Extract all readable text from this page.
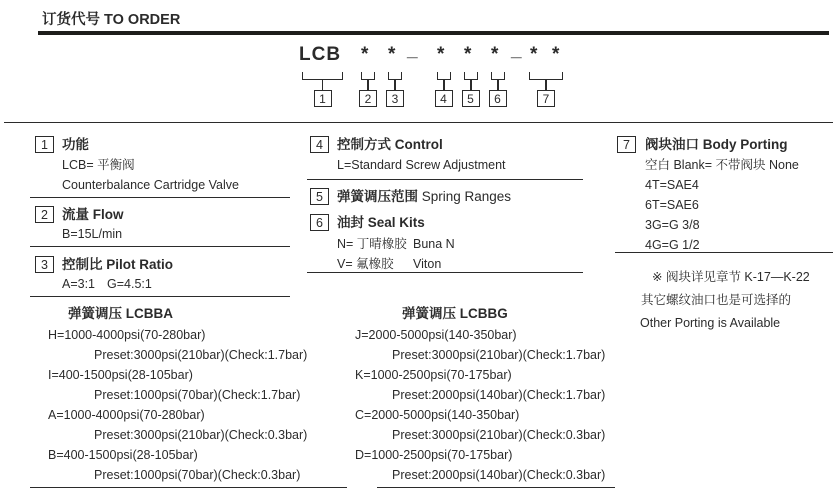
订货代号 TO ORDER
LCB * * _ * * * _ * *
1	2	3	4	5	6	7
1	功能
LCB= 平衡阀
Counterbalance Cartridge Valve
2	流量 Flow
B=15L/min
3	控制比 Pilot Ratio
A=3:1 G=4.5:1
4	控制方式 Control
L=Standard Screw Adjustment
5	弹簧调压范围 Spring Ranges
6	油封 Seal Kits
N= 丁晴橡胶 Buna N
V= 氟橡胶 Viton
7	阀块油口 Body Porting
空白 Blank= 不带阀块 None
4T=SAE4
6T=SAE6
3G=G 3/8
4G=G 1/2
※ 阀块详见章节 K-17—K-22
其它螺纹油口也是可选择的
Other Porting is Available
弹簧调压 LCBBA
H=1000-4000psi(70-280bar)
Preset:3000psi(210bar)(Check:1.7bar)
I=400-1500psi(28-105bar)
Preset:1000psi(70bar)(Check:1.7bar)
A=1000-4000psi(70-280bar)
Preset:3000psi(210bar)(Check:0.3bar)
B=400-1500psi(28-105bar)
Preset:1000psi(70bar)(Check:0.3bar)
弹簧调压 LCBBG
J=2000-5000psi(140-350bar)
Preset:3000psi(210bar)(Check:1.7bar)
K=1000-2500psi(70-175bar)
Preset:2000psi(140bar)(Check:1.7bar)
C=2000-5000psi(140-350bar)
Preset:3000psi(210bar)(Check:0.3bar)
D=1000-2500psi(70-175bar)
Preset:2000psi(140bar)(Check:0.3bar)
